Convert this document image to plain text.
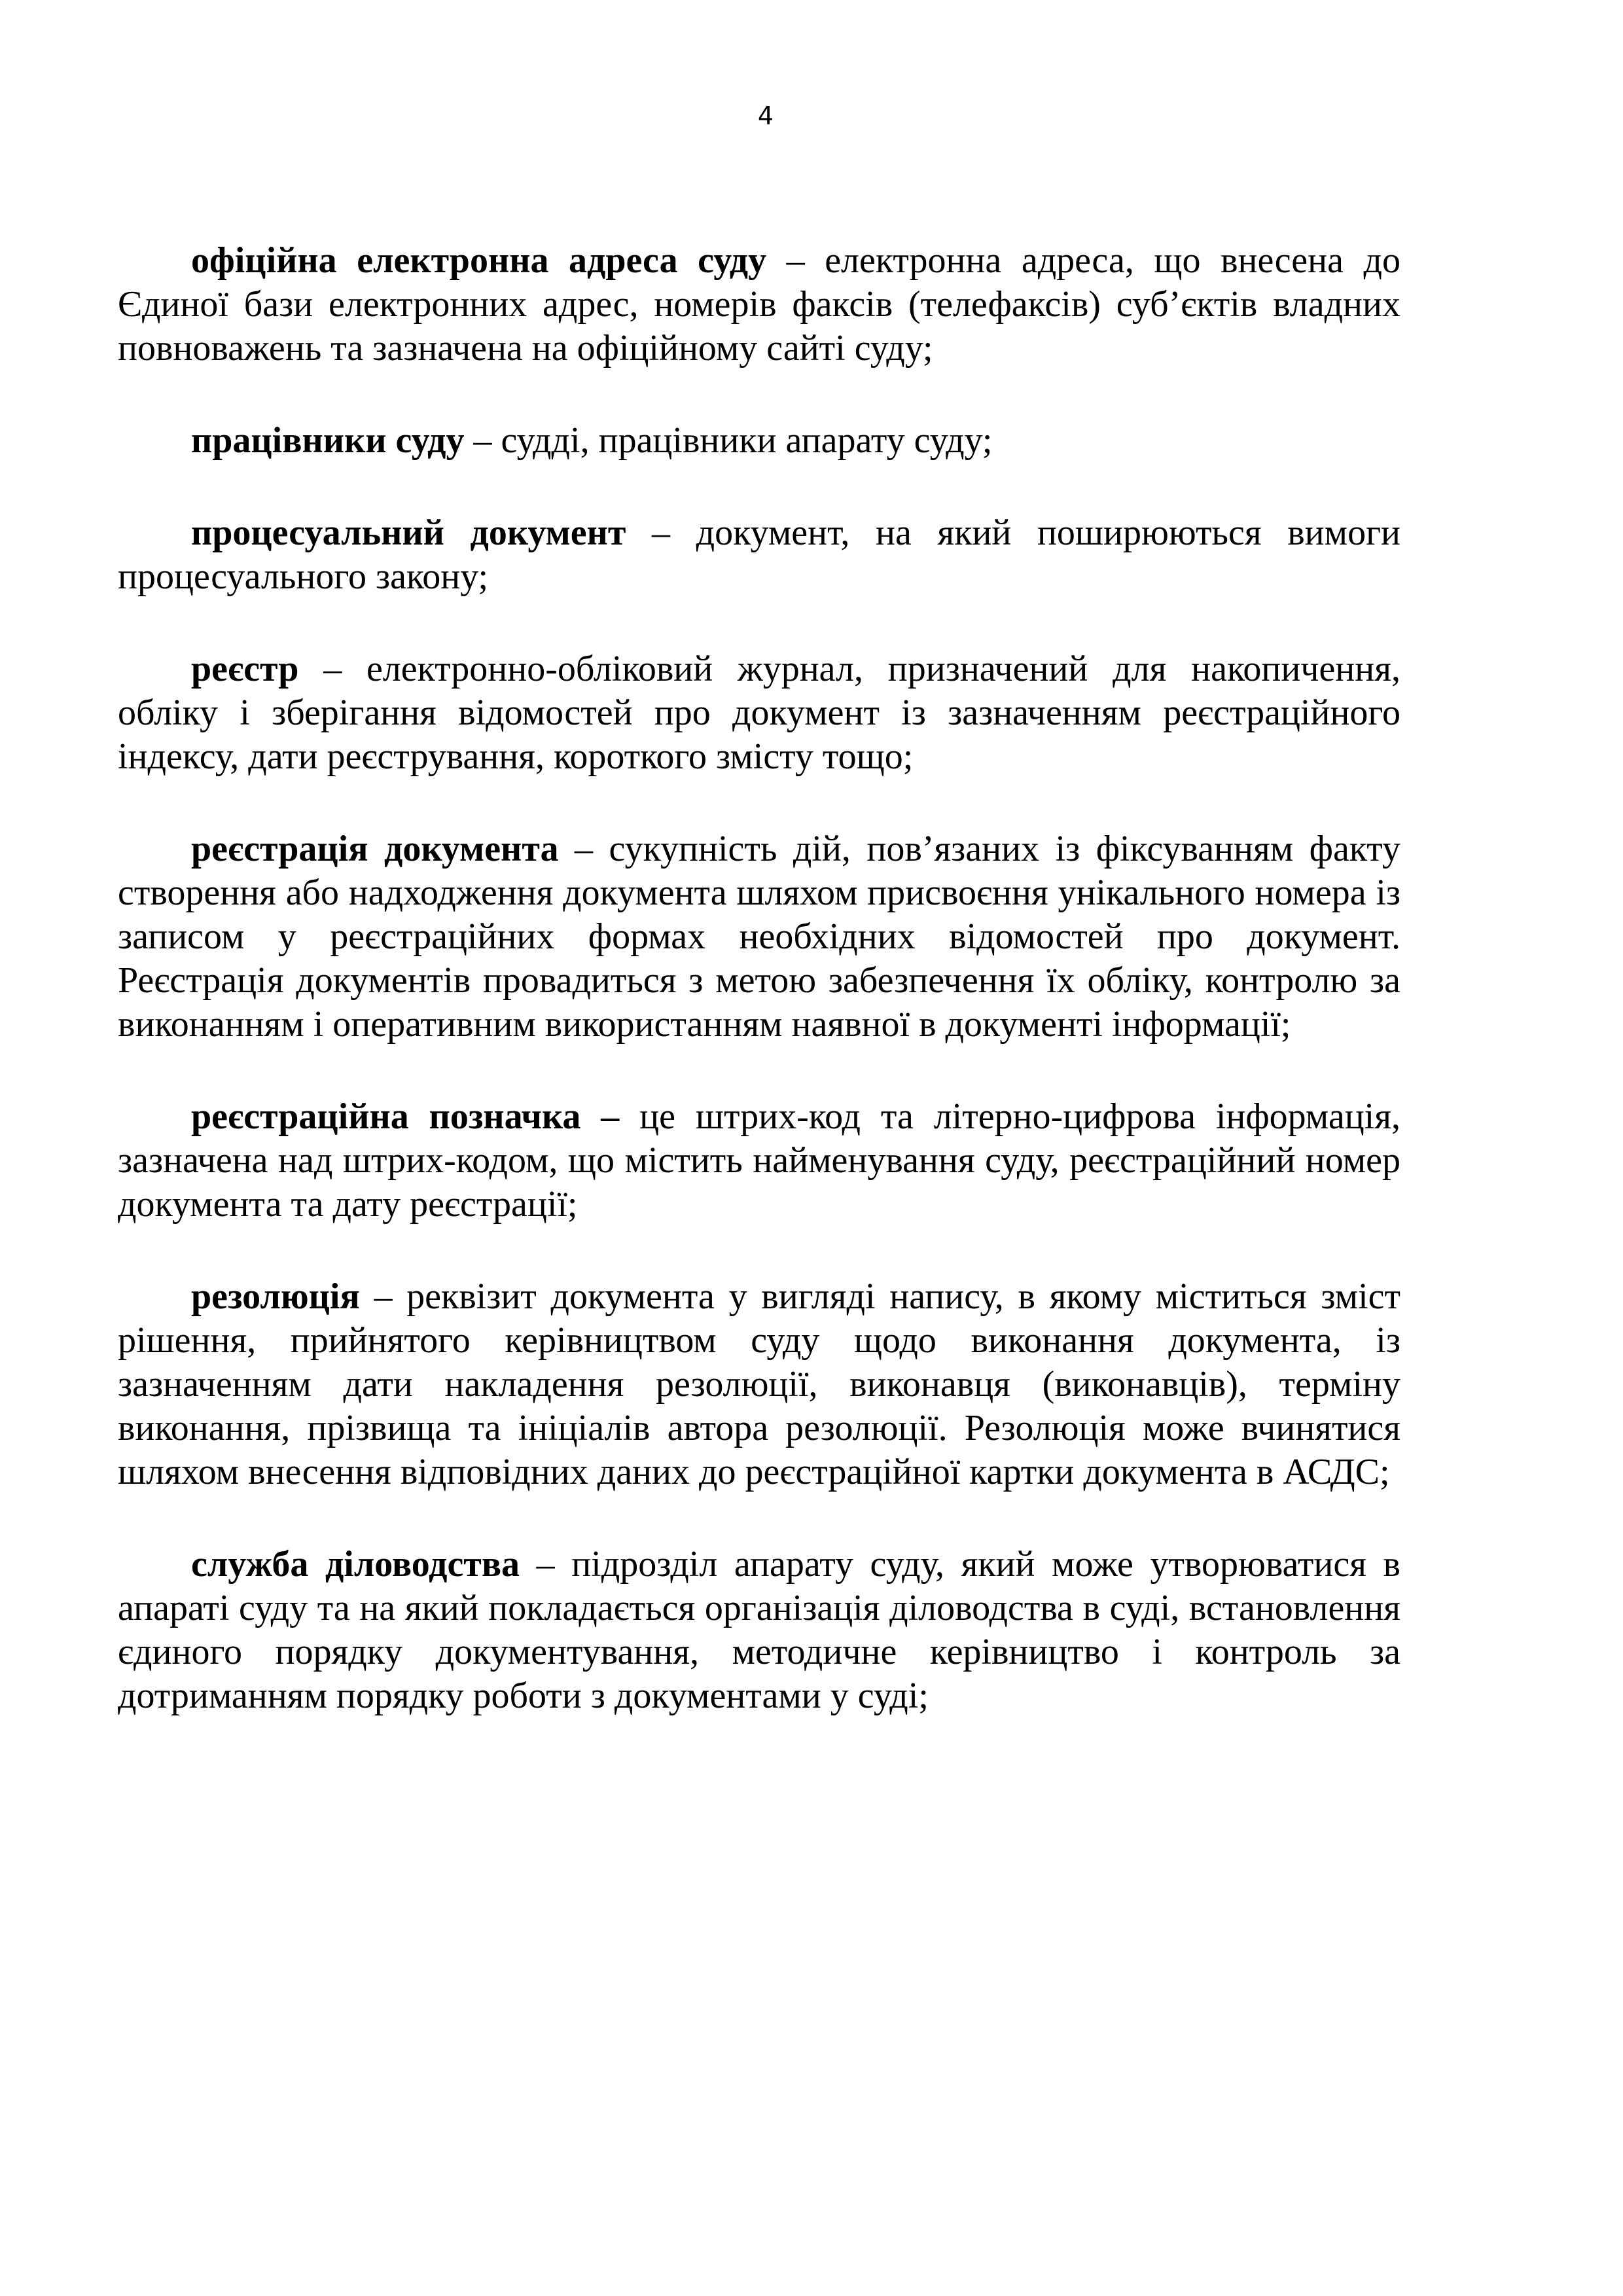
4

офіційна електронна адреса суду – електронна адреса, що внесена до Єдиної бази електронних адрес, номерів факсів (телефаксів) суб’єктів владних повноважень та зазначена на офіційному сайті суду;

працівники суду – судді, працівники апарату суду;

процесуальний документ – документ, на який поширюються вимоги процесуального закону;

реєстр – електронно-обліковий журнал, призначений для накопичення, обліку і зберігання відомостей про документ із зазначенням реєстраційного індексу, дати реєстрування, короткого змісту тощо;

реєстрація документа – сукупність дій, пов’язаних із фіксуванням факту створення або надходження документа шляхом присвоєння унікального номера із записом у реєстраційних формах необхідних відомостей про документ. Реєстрація документів провадиться з метою забезпечення їх обліку, контролю за виконанням і оперативним використанням наявної в документі інформації;

реєстраційна позначка – це штрих-код та літерно-цифрова інформація, зазначена над штрих-кодом, що містить найменування суду, реєстраційний номер документа та дату реєстрації;

резолюція – реквізит документа у вигляді напису, в якому міститься зміст рішення, прийнятого керівництвом суду щодо виконання документа, із зазначенням дати накладення резолюції, виконавця (виконавців), терміну виконання, прізвища та ініціалів автора резолюції. Резолюція може вчинятися шляхом внесення відповідних даних до реєстраційної картки документа в АСДС;

служба діловодства – підрозділ апарату суду, який може утворюватися в апараті суду та на який покладається організація діловодства в суді, встановлення єдиного порядку документування, методичне керівництво і контроль за дотриманням порядку роботи з документами у суді;
